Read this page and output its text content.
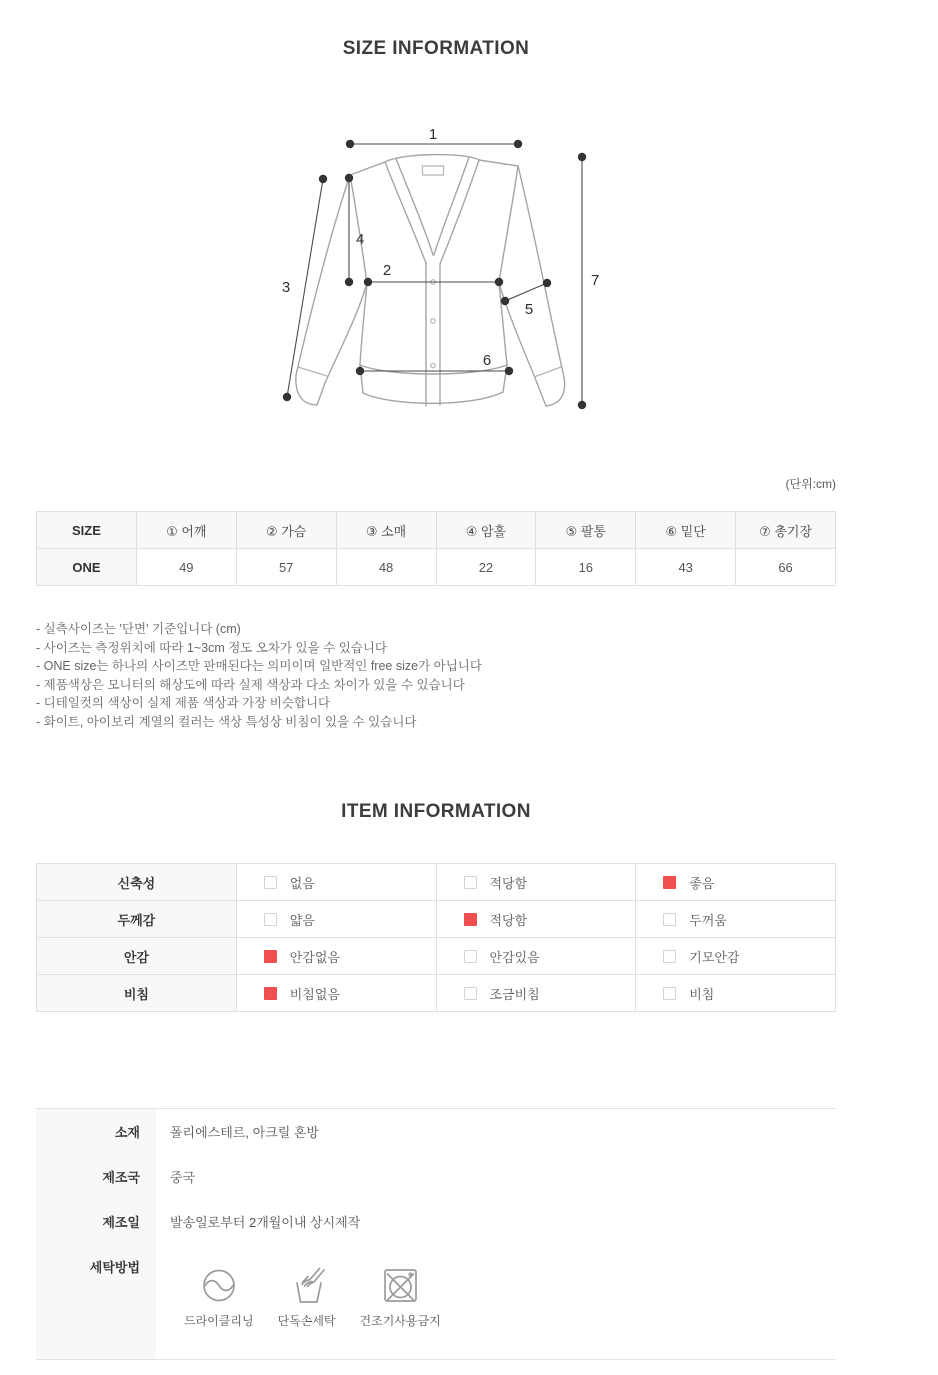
SIZE INFORMATION
1
2
3
4
5
6
7
(단위:cm)
SIZE	① 어깨	② 가슴	③ 소매	④ 암홀	⑤ 팔통	⑥ 밑단	⑦ 총기장
ONE	49	57	48	22	16	43	66
- 실측사이즈는 '단면' 기준입니다 (cm)
- 사이즈는 측정위치에 따라 1~3cm 정도 오차가 있을 수 있습니다
- ONE size는 하나의 사이즈만 판매된다는 의미이며 일반적인 free size가 아닙니다
- 제품색상은 모니터의 해상도에 따라 실제 색상과 다소 차이가 있을 수 있습니다
- 디테일컷의 색상이 실제 제품 색상과 가장 비슷합니다
- 화이트, 아이보리 계열의 컬러는 색상 특성상 비침이 있을 수 있습니다
ITEM INFORMATION
신축성	없음	적당함	좋음

두께감	얇음	적당함	두꺼움

안감	안감없음	안감있음	기모안감

비침	비침없음	조금비침	비침
소재	폴리에스테르, 아크릴 혼방
제조국	중국
제조일	발송일로부터 2개월이내 상시제작
세탁방법
드라이클리닝 단독손세탁 건조기사용금지
